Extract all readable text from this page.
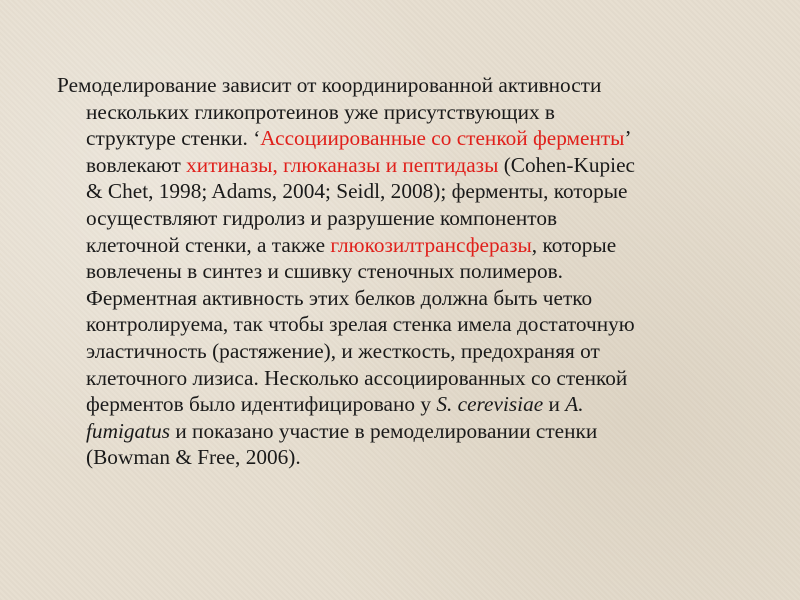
Ремоделирование зависит от координированной активности
нескольких гликопротеинов уже присутствующих в
структуре стенки. ‘Ассоциированные со стенкой ферменты’
вовлекают хитиназы, глюканазы и пептидазы (Cohen-Kupiec
& Chet, 1998; Adams, 2004; Seidl, 2008); ферменты, которые
осуществляют гидролиз и разрушение компонентов
клеточной стенки, а также глюкозилтрансферазы, которые
вовлечены в синтез и сшивку стеночных полимеров.
Ферментная активность этих белков должна быть четко
контролируема, так чтобы зрелая стенка имела достаточную
эластичность (растяжение), и жесткость, предохраняя от
клеточного лизиса. Несколько ассоциированных со стенкой
ферментов было идентифицировано у S. cerevisiae и A.
fumigatus и показано участие в ремоделировании стенки
(Bowman & Free, 2006).
